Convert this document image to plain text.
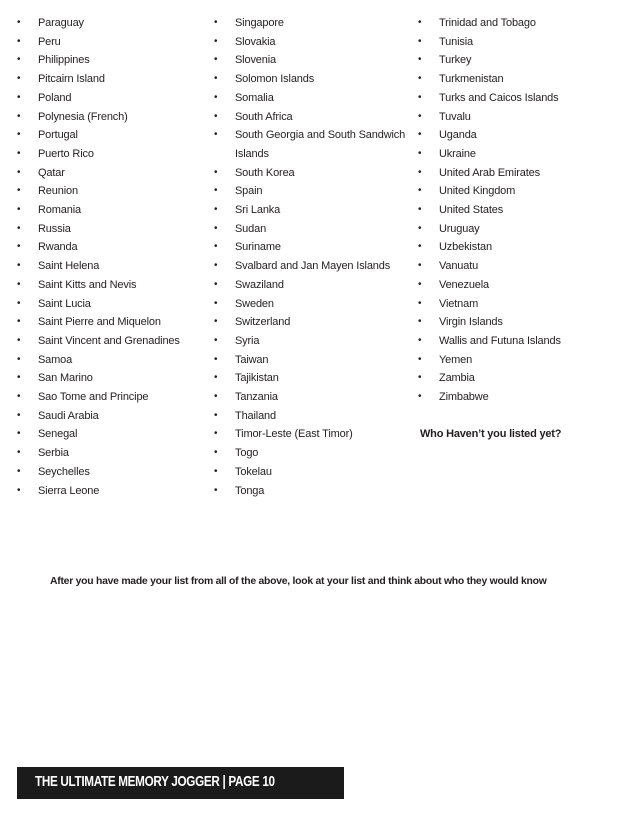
• Paraguay
• Peru
• Philippines
• Pitcairn Island
• Poland
• Polynesia (French)
• Portugal
• Puerto Rico
• Qatar
• Reunion
• Romania
• Russia
• Rwanda
• Saint Helena
• Saint Kitts and Nevis
• Saint Lucia
• Saint Pierre and Miquelon
• Saint Vincent and Grenadines
• Samoa
• San Marino
• Sao Tome and Principe
• Saudi Arabia
• Senegal
• Serbia
• Seychelles
• Sierra Leone
• Singapore
• Slovakia
• Slovenia
• Solomon Islands
• Somalia
• South Africa
• South Georgia and South Sandwich
Islands
• South Korea
• Spain
• Sri Lanka
• Sudan
• Suriname
• Svalbard and Jan Mayen Islands
• Swaziland
• Sweden
• Switzerland
• Syria
• Taiwan
• Tajikistan
• Tanzania
• Thailand
• Timor-Leste (East Timor)
• Togo
• Tokelau
• Tonga
• Trinidad and Tobago
• Tunisia
• Turkey
• Turkmenistan
• Turks and Caicos Islands
• Tuvalu
• Uganda
• Ukraine
• United Arab Emirates
• United Kingdom
• United States
• Uruguay
• Uzbekistan
• Vanuatu
• Venezuela
• Vietnam
• Virgin Islands
• Wallis and Futuna Islands
• Yemen
• Zambia
• Zimbabwe
Who Haven’t you listed yet?
After you have made your list from all of the above, look at your list and think about who they would know
THE ULTIMATE MEMORY JOGGER | PAGE 10
